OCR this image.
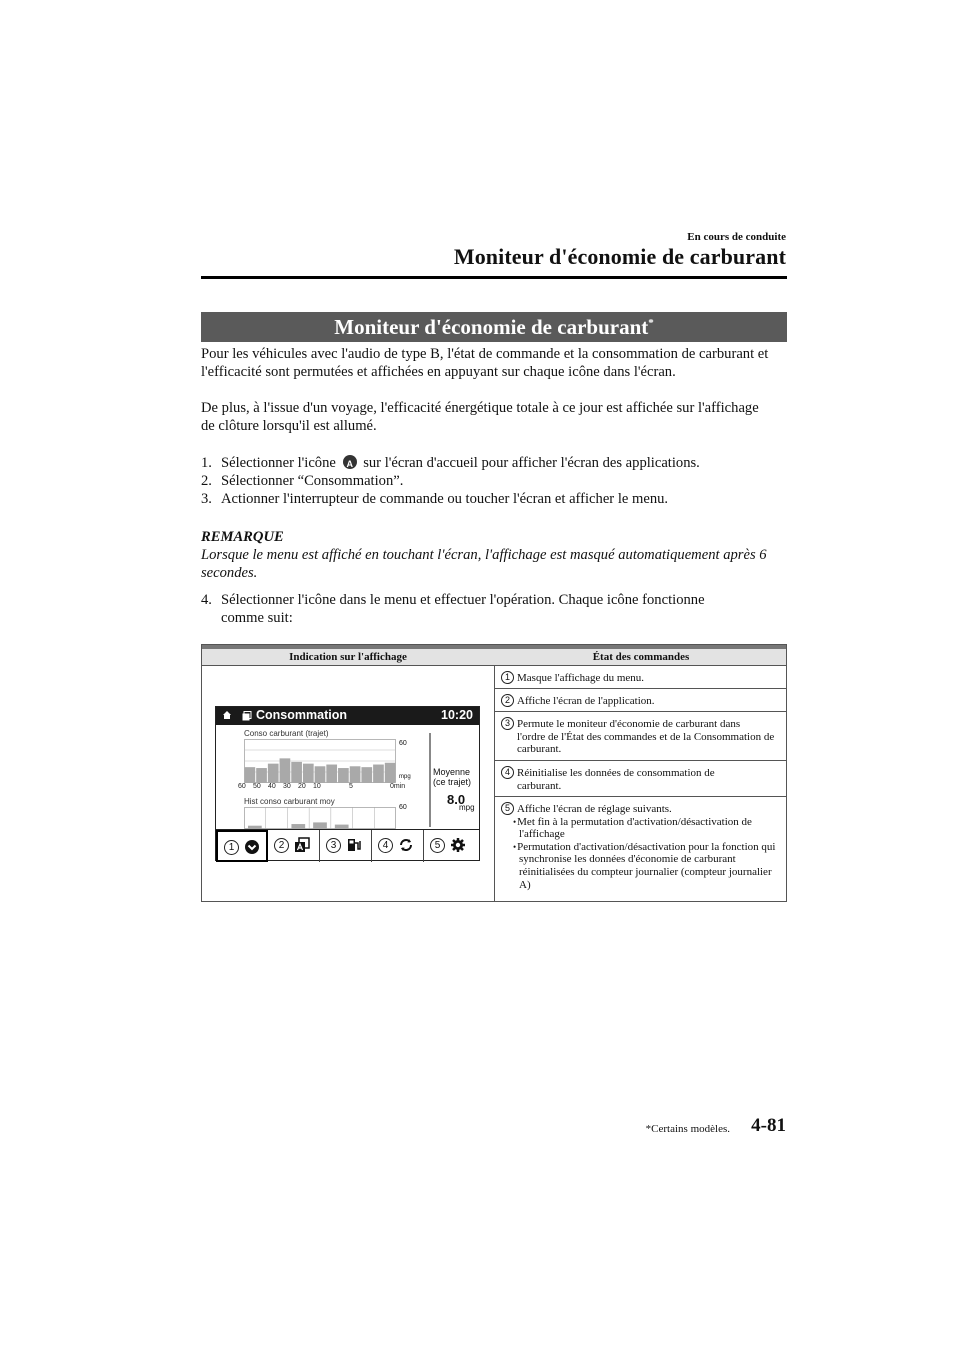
En cours de conduite
Moniteur d'économie de carburant
Moniteur d'économie de carburant*

Pour les véhicules avec l'audio de type B, l'état de commande et la consommation de carburant et l'efficacité sont permutées et affichées en appuyant sur chaque icône dans l'écran.

De plus, à l'issue d'un voyage, l'efficacité énergétique totale à ce jour est affichée sur l'affichage de clôture lorsqu'il est allumé.

1. Sélectionner l'icône A sur l'écran d'accueil pour afficher l'écran des applications.
2. Sélectionner “Consommation”.
3. Actionner l'interrupteur de commande ou toucher l'écran et afficher le menu.
REMARQUE
Lorsque le menu est affiché en touchant l'écran, l'affichage est masqué automatiquement après 6 secondes.
4. Sélectionner l'icône dans le menu et effectuer l'opération. Chaque icône fonctionne
comme suit:
Indication sur l'affichage	État des commandes
1 Masque l'affichage du menu.
2 Affiche l'écran de l'application.
3 Permute le moniteur d'économie de carburant dans
l'ordre de l'État des commandes et de la Consommation de carburant.
4 Réinitialise les données de consommation de
carburant.
5 Affiche l'écran de réglage suivants.
• Met fin à la permutation d'activation/désactivation de l'affichage
• Permutation d'activation/désactivation pour la fonction qui synchronise les données d'économie de carburant réinitialisées du compteur journalier (compteur journalier A)
Consommation	10:20
Conso carburant (trajet)
60 50 40 30 20 10	5	0min
60
mpg
Hist conso carburant moy
60
Moyenne
(ce trajet)
8.0
mpg
1	2	3	4	5
*Certains modèles. 4-81
